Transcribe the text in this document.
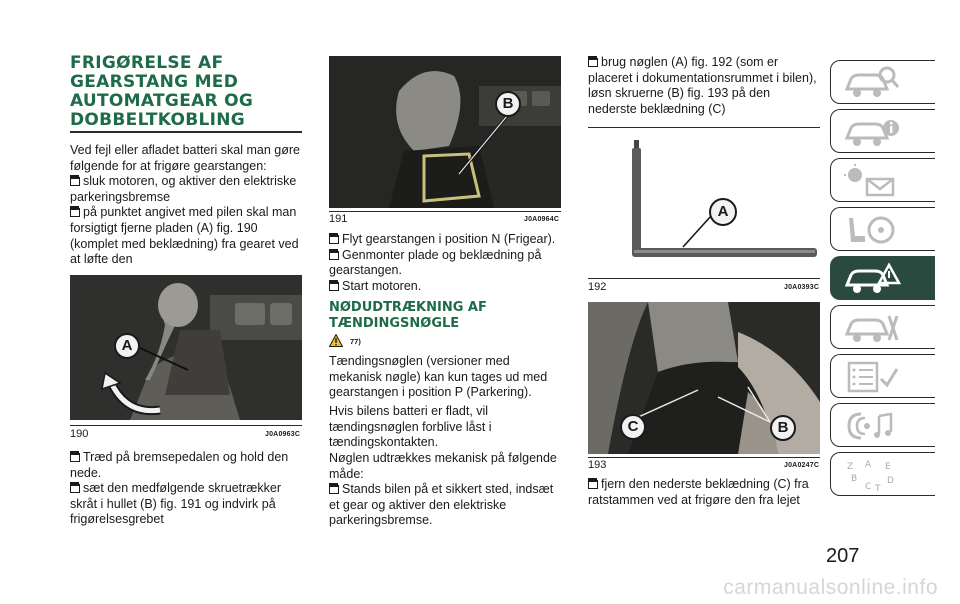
FRIGØRELSE AF GEARSTANG MED AUTOMATGEAR OG DOBBELTKOBLING

Ved fejl eller afladet batteri skal man gøre følgende for at frigøre gearstangen:
sluk motoren, og aktiver den elektriske parkeringsbremse
på punktet angivet med pilen skal man forsigtigt fjerne pladen (A) fig. 190 (komplet med beklædning) fra gearet ved at løfte den

A
190	J0A0963C

Træd på bremsepedalen og hold den nede.
sæt den medfølgende skruetrækker skråt i hullet (B) fig. 191 og indvirk på frigørelsesgrebet

B
191	J0A0964C

Flyt gearstangen i position N (Frigear).
Genmonter plade og beklædning på gearstangen.
Start motoren.

NØDUDTRÆKNING AF TÆNDINGSNØGLE
77)

Tændingsnøglen (versioner med mekanisk nøgle) kan kun tages ud med gearstangen i position P (Parkering).

Hvis bilens batteri er fladt, vil tændingsnøglen forblive låst i tændingskontakten.

Nøglen udtrækkes mekanisk på følgende måde:

Stands bilen på et sikkert sted, indsæt et gear og aktiver den elektriske parkeringsbremse.

brug nøglen (A) fig. 192 (som er placeret i dokumentationsrummet i bilen), løsn skruerne (B) fig. 193 på den nederste beklædning (C)

A
192	J0A0393C
C	B
193	J0A0247C

fjern den nederste beklædning (C) fra ratstammen ved at frigøre den fra lejet

Z A E
B
C
D
T
207
carmanualsonline.info
